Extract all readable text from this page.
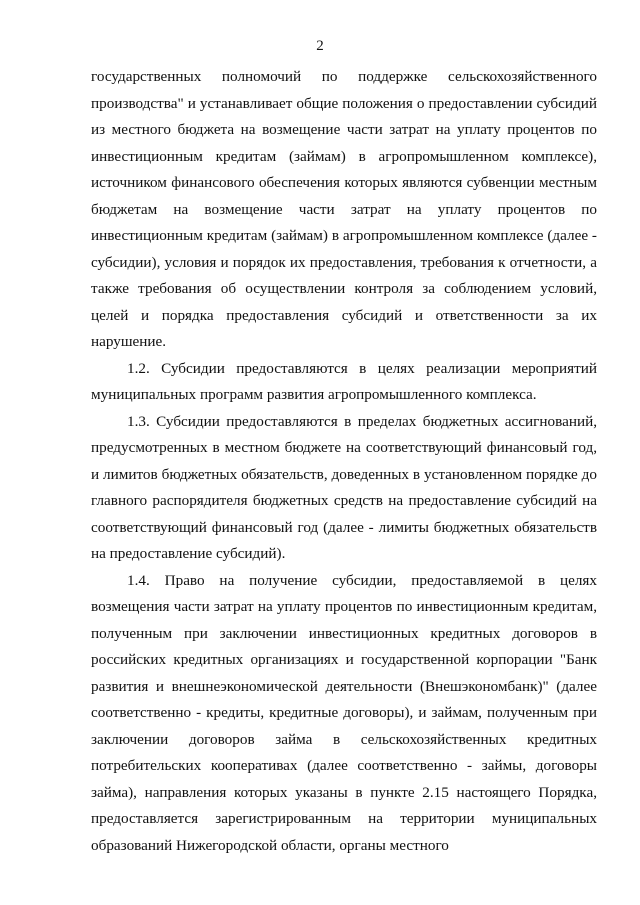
2

государственных полномочий по поддержке сельскохозяйственного производства" и устанавливает общие положения о предоставлении субсидий из местного бюджета на возмещение части затрат на уплату процентов по инвестиционным кредитам (займам) в агропромышленном комплексе), источником финансового обеспечения которых являются субвенции местным бюджетам на возмещение части затрат на уплату процентов по инвестиционным кредитам (займам) в агропромышленном комплексе (далее - субсидии), условия и порядок их предоставления, требования к отчетности, а также требования об осуществлении контроля за соблюдением условий, целей и порядка предоставления субсидий и ответственности за их нарушение.

1.2. Субсидии предоставляются в целях реализации мероприятий муниципальных программ развития агропромышленного комплекса.

1.3. Субсидии предоставляются в пределах бюджетных ассигнований, предусмотренных в местном бюджете на соответствующий финансовый год, и лимитов бюджетных обязательств, доведенных в установленном порядке до главного распорядителя бюджетных средств на предоставление субсидий на соответствующий финансовый год (далее - лимиты бюджетных обязательств на предоставление субсидий).

1.4. Право на получение субсидии, предоставляемой в целях возмещения части затрат на уплату процентов по инвестиционным кредитам, полученным при заключении инвестиционных кредитных договоров в российских кредитных организациях и государственной корпорации "Банк развития и внешнеэкономической деятельности (Внешэкономбанк)" (далее соответственно - кредиты, кредитные договоры), и займам, полученным при заключении договоров займа в сельскохозяйственных кредитных потребительских кооперативах (далее соответственно - займы, договоры займа), направления которых указаны в пункте 2.15 настоящего Порядка, предоставляется зарегистрированным на территории муниципальных образований Нижегородской области, органы местного
